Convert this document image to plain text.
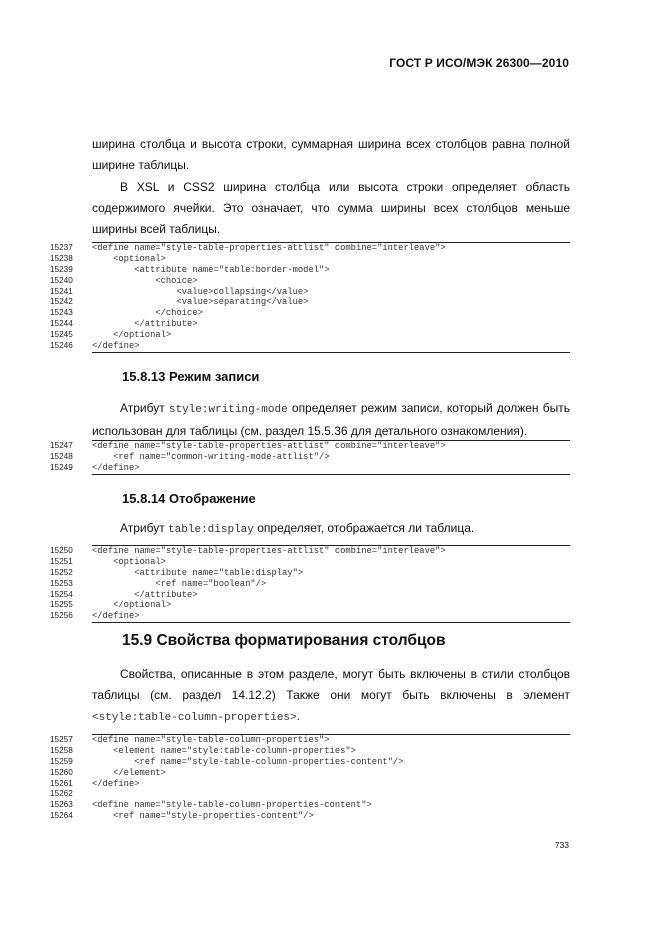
ГОСТ Р ИСО/МЭК 26300—2010
ширина столбца и высота строки, суммарная ширина всех столбцов равна полной ширине таблицы.
В XSL и CSS2 ширина столбца или высота строки определяет область содержимого ячейки. Это означает, что сумма ширины всех столбцов меньше ширины всей таблицы.
15237
15238
15239
15240
15241
15242
15243
15244
15245
15246
<define name="style-table-properties-attlist" combine="interleave">
<optional>
<attribute name="table:border-model">
<choice>
<value>collapsing</value>
<value>separating</value>
</choice>
</attribute>
</optional>
</define>
15.8.13 Режим записи
Атрибут style:writing-mode определяет режим записи, который должен быть использован для таблицы (см. раздел 15.5.36 для детального ознакомления).
15247
15248
15249
<define name="style-table-properties-attlist" combine="interleave">
<ref name="common-writing-mode-attlist"/>
</define>
15.8.14 Отображение
Атрибут table:display определяет, отображается ли таблица.
15250
15251
15252
15253
15254
15255
15256
<define name="style-table-properties-attlist" combine="interleave">
<optional>
<attribute name="table:display">
<ref name="boolean"/>
</attribute>
</optional>
</define>
15.9 Свойства форматирования столбцов
Свойства, описанные в этом разделе, могут быть включены в стили столбцов таблицы (см. раздел 14.12.2) Также они могут быть включены в элемент <style:table-column-properties>.
15257
15258
15259
15260
15261
15262
15263
15264
<define name="style-table-column-properties">
<element name="style:table-column-properties">
<ref name="style-table-column-properties-content"/>
</element>
</define>
<define name="style-table-column-properties-content">
<ref name="style-properties-content"/>
733
